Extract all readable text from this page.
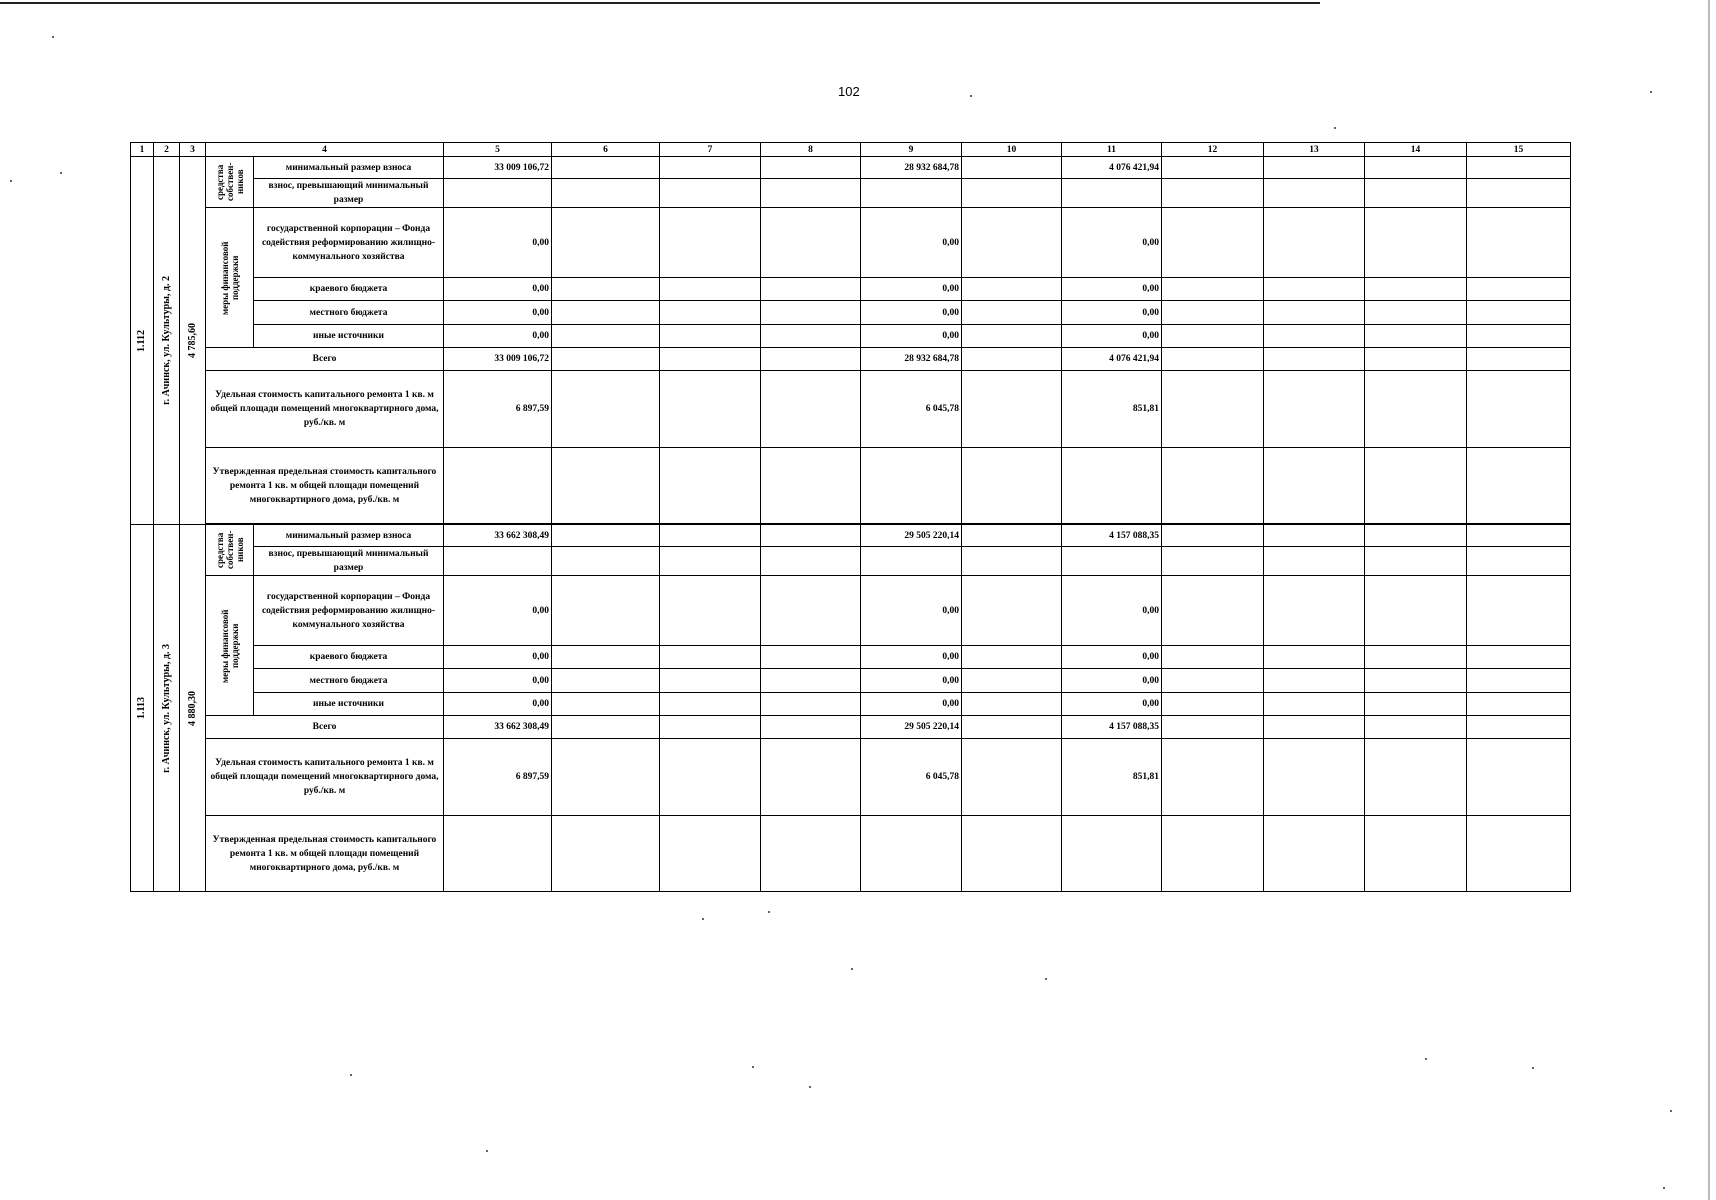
102
1	2	3	4		5	6	7	8	9	10	11	12	13	14	15

1.112	г. Ачинск, ул. Культуры, д. 2	4 785,60	средства собственников	минимальный размер взноса	33 009 106,72				28 932 684,78		4 076 421,94				
				взнос, превышающий минимальный размер											

			меры финансовой поддержки	государственной корпорации – Фонда содействия реформированию жилищно-коммунального хозяйства	0,00				0,00		0,00				
				краевого бюджета	0,00				0,00		0,00				
				местного бюджета	0,00				0,00		0,00				
				иные источники	0,00				0,00		0,00				
			Всего		33 009 106,72				28 932 684,78		4 076 421,94				
			Удельная стоимость капитального ремонта 1 кв. м общей площади помещений многоквартирного дома, руб./кв. м		6 897,59				6 045,78		851,81				
			Утвержденная предельная стоимость капитального ремонта 1 кв. м общей площади помещений многоквартирного дома, руб./кв. м												

1.113	г. Ачинск, ул. Культуры, д. 3	4 880,30	средства собственников	минимальный размер взноса	33 662 308,49				29 505 220,14		4 157 088,35				
				взнос, превышающий минимальный размер											

			меры финансовой поддержки	государственной корпорации – Фонда содействия реформированию жилищно-коммунального хозяйства	0,00				0,00		0,00				
				краевого бюджета	0,00				0,00		0,00				
				местного бюджета	0,00				0,00		0,00				
				иные источники	0,00				0,00		0,00				
			Всего		33 662 308,49				29 505 220,14		4 157 088,35				
			Удельная стоимость капитального ремонта 1 кв. м общей площади помещений многоквартирного дома, руб./кв. м		6 897,59				6 045,78		851,81				
			Утвержденная предельная стоимость капитального ремонта 1 кв. м общей площади помещений многоквартирного дома, руб./кв. м												
